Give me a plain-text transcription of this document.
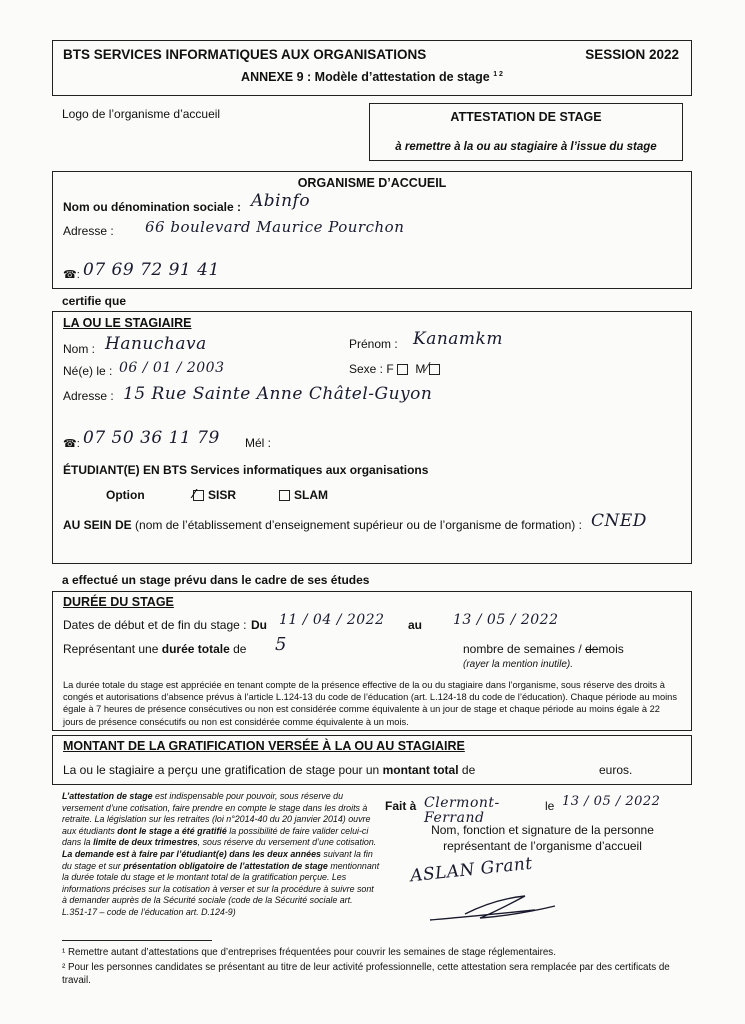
BTS SERVICES INFORMATIQUES AUX ORGANISATIONS	SESSION 2022
ANNEXE 9 : Modèle d’attestation de stage $^{1 2}$
Logo de l’organisme d’accueil	ATTESTATION DE STAGE
à remettre à la ou au stagiaire à l’issue du stage
ORGANISME D’ACCUEIL
Nom ou dénomination sociale : Abinfo
Adresse : 66 boulevard Maurice Pourchon
☎: 07 69 72 91 41
certifie que
LA OU LE STAGIAIRE
Nom : Hanuchava	Prénom : Kanamkm
Né(e) le : 06 / 01 / 2003	Sexe : F M ⁄
Adresse : 15 Rue Sainte Anne Châtel-Guyon
☎: 07 50 36 11 79 Mél :
ÉTUDIANT(E) EN BTS Services informatiques aux organisations
Option	⁄ SISR	SLAM
AU SEIN DE (nom de l’établissement d’enseignement supérieur ou de l’organisme de formation) : CNED
a effectué un stage prévu dans le cadre de ses études
DURÉE DU STAGE
Dates de début et de fin du stage : Du 11 / 04 / 2022 au 13 / 05 / 2022
Représentant une durée totale de 5	nombre de semaines / demois
(rayer la mention inutile).
La durée totale du stage est appréciée en tenant compte de la présence effective de la ou du stagiaire dans l’organisme, sous réserve des droits à congés et autorisations d’absence prévus à l’article L.124-13 du code de l’éducation (art. L.124-18 du code de l’éducation). Chaque période au moins égale à 7 heures de présence consécutives ou non est considérée comme équivalente à un jour de stage et chaque période au moins égale à 22 jours de présence consécutifs ou non est considérée comme équivalente à un mois.
MONTANT DE LA GRATIFICATION VERSÉE À LA OU AU STAGIAIRE
La ou le stagiaire a perçu une gratification de stage pour un montant total de	euros.
L’attestation de stage est indispensable pour pouvoir, sous réserve du versement d’une cotisation, faire prendre en compte le stage dans les droits à retraite. La législation sur les retraites (loi n°2014-40 du 20 janvier 2014) ouvre aux étudiants dont le stage a été gratifié la possibilité de faire valider celui-ci dans la limite de deux trimestres, sous réserve du versement d’une cotisation. La demande est à faire par l’étudiant(e) dans les deux années suivant la fin du stage et sur présentation obligatoire de l’attestation de stage mentionnant la durée totale du stage et le montant total de la gratification perçue. Les informations précises sur la cotisation à verser et sur la procédure à suivre sont à demander auprès de la Sécurité sociale (code de la Sécurité sociale art. L.351-17 – code de l’éducation art. D.124-9)
Fait à Clermont-Ferrand
le 13 / 05 / 2022
Nom, fonction et signature de la personne
représentant de l’organisme d’accueil
ASLAN Grant
¹ Remettre autant d’attestations que d’entreprises fréquentées pour couvrir les semaines de stage réglementaires.
² Pour les personnes candidates se présentant au titre de leur activité professionnelle, cette attestation sera remplacée par des certificats de travail.
